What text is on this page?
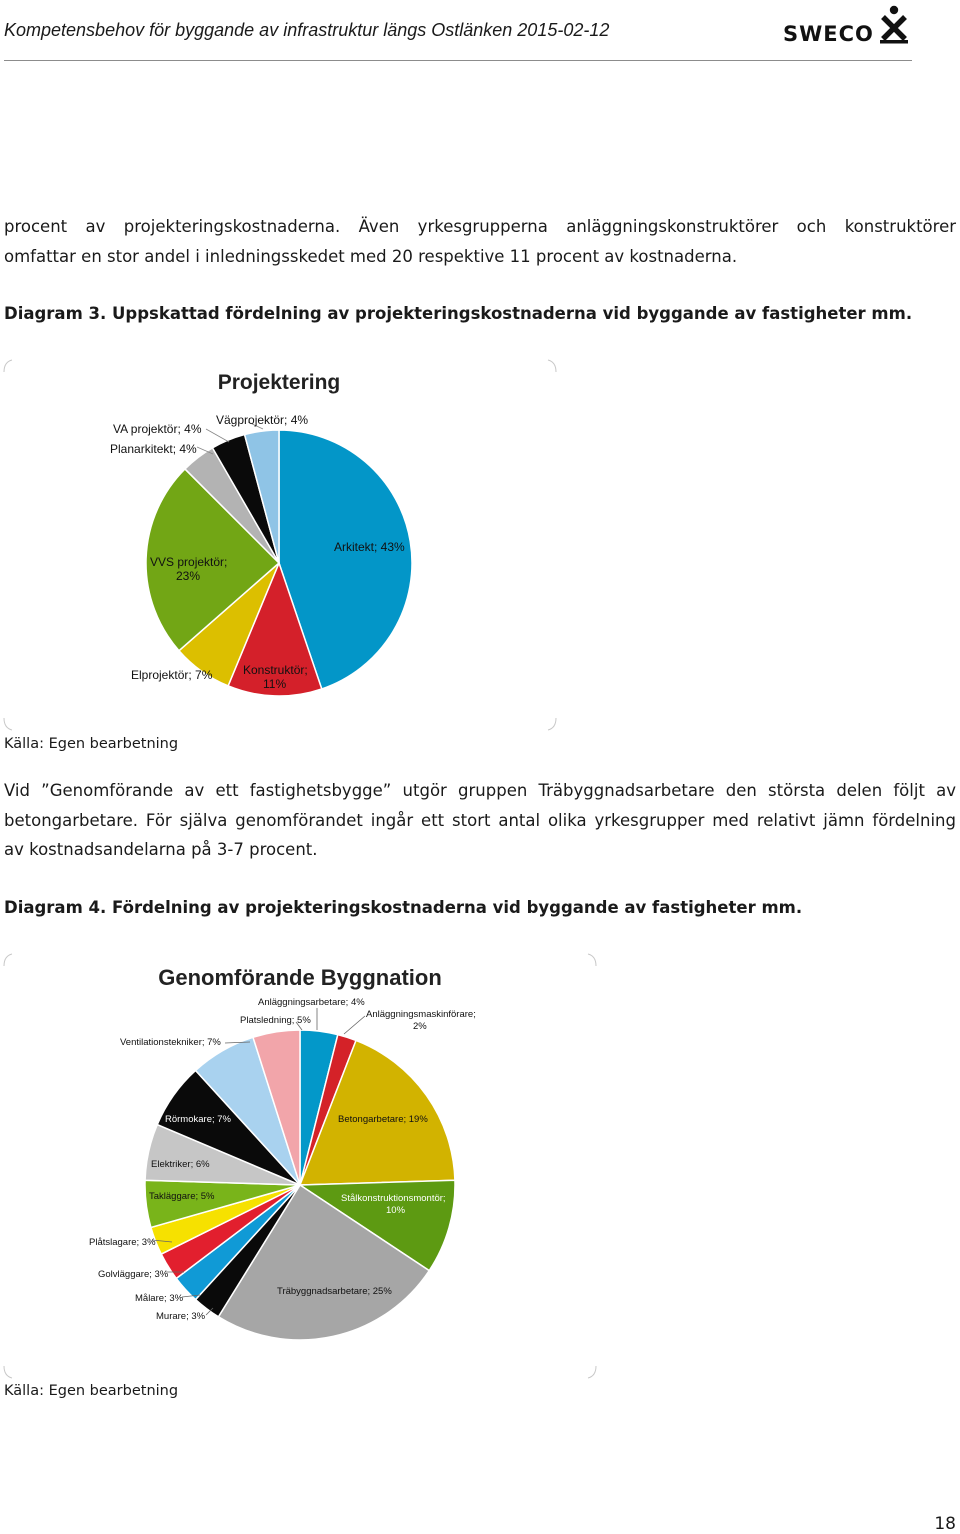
Kompetensbehov för byggande av infrastruktur längs Ostlänken 2015-02-12	SWECO

procent av projekteringskostnaderna. Även yrkesgrupperna anläggningskonstruktörer och konstruktörer
omfattar en stor andel i inledningsskedet med 20 respektive 11 procent av kostnaderna.

Diagram 3. Uppskattad fördelning av projekteringskostnaderna vid byggande av fastigheter mm.
Projektering
Vägprojektör; 4%
VA projektör; 4%
Planarkitekt; 4%
Arkitekt; 43%
VVS projektör;
23%
Elprojektör; 7%	Konstruktör;
11%
Källa: Egen bearbetning

Vid ”Genomförande av ett fastighetsbygge” utgör gruppen Träbyggnadsarbetare den största delen följt av
betongarbetare. För själva genomförandet ingår ett stort antal olika yrkesgrupper med relativt jämn fördelning
av kostnadsandelarna på 3-7 procent.

Diagram 4. Fördelning av projekteringskostnaderna vid byggande av fastigheter mm.
Genomförande Byggnation
Anläggningsarbetare; 4%
Platsledning; 5%
Anläggningsmaskinförare;
2%
Ventilationstekniker; 7%
Rörmokare; 7%	Betongarbetare; 19%
Elektriker; 6%
Takläggare; 5%	Stålkonstruktionsmontör;
10%
Plåtslagare; 3%
Golvläggare; 3%
Målare; 3%
Murare; 3%
Träbyggnadsarbetare; 25%
Källa: Egen bearbetning
18
